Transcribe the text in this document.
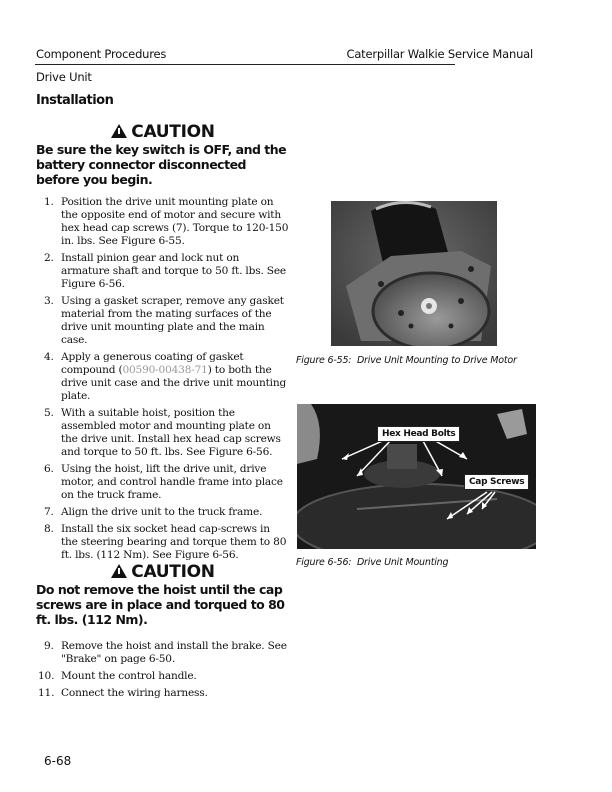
Component Procedures	Caterpillar Walkie Service Manual
Drive Unit
Installation
CAUTION
Be sure the key switch is OFF, and the battery connector disconnected before you begin.
1. Position the drive unit mounting plate on the opposite end of motor and secure with hex head cap screws (7). Torque to 120-150 in. lbs. See Figure 6-55.
2. Install pinion gear and lock nut on armature shaft and torque to 50 ft. lbs. See Figure 6-56.
3. Using a gasket scraper, remove any gasket material from the mating surfaces of the drive unit mounting plate and the main case.
4. Apply a generous coating of gasket compound (00590-00438-71) to both the drive unit case and the drive unit mounting plate.
5. With a suitable hoist, position the assembled motor and mounting plate on the drive unit. Install hex head cap screws and torque to 50 ft. lbs. See Figure 6-56.
6. Using the hoist, lift the drive unit, drive motor, and control handle frame into place on the truck frame.
7. Align the drive unit to the truck frame.
8. Install the six socket head cap-screws in the steering bearing and torque them to 80 ft. lbs. (112 Nm). See Figure 6-56.
CAUTION
Do not remove the hoist until the cap screws are in place and torqued to 80 ft. lbs. (112 Nm).
9. Remove the hoist and install the brake. See "Brake" on page 6-50.
10. Mount the control handle.
11. Connect the wiring harness.
Figure 6-55: Drive Unit Mounting to Drive Motor
Hex Head Bolts
Cap Screws
Figure 6-56: Drive Unit Mounting
6-68
